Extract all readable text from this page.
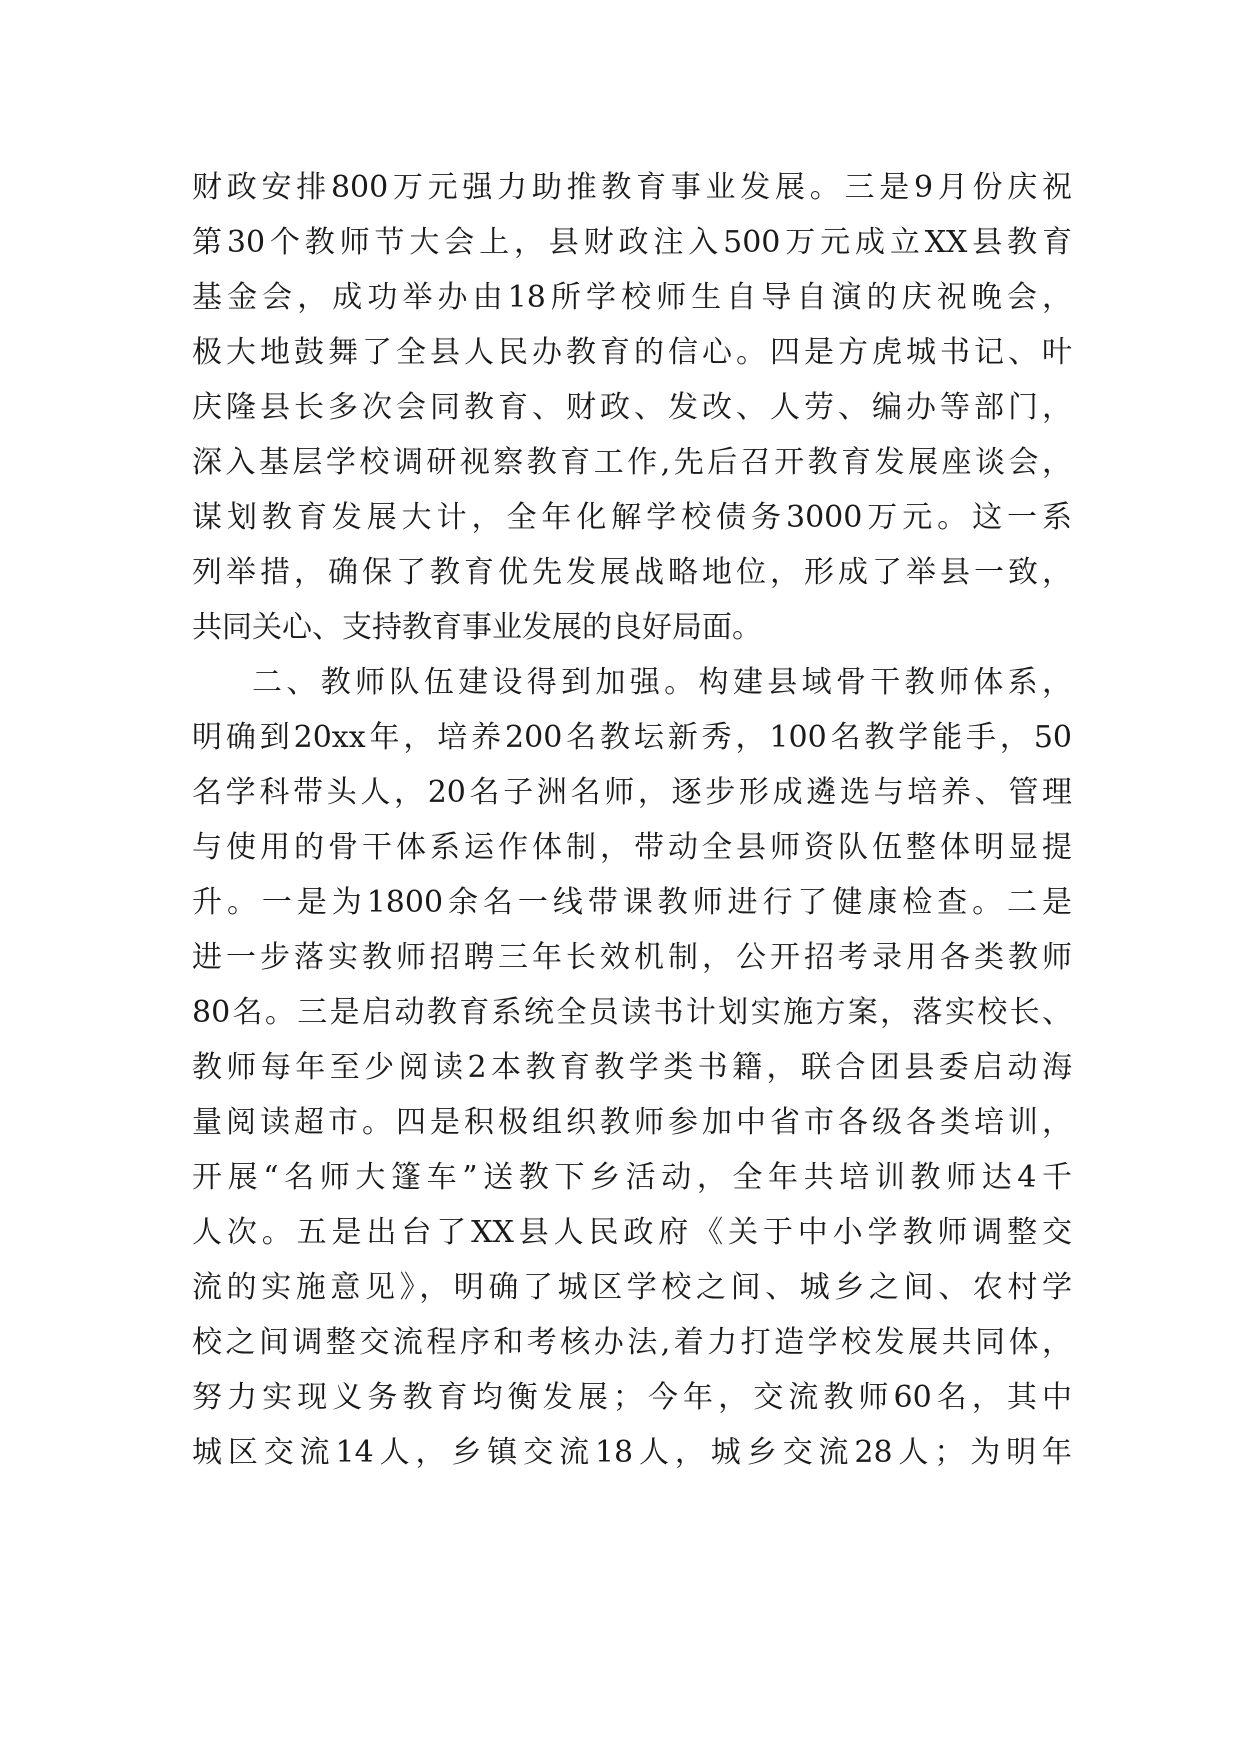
财政安排800万元强力助推教育事业发展。三是9月份庆祝
第30个教师节大会上，县财政注入500万元成立XX县教育
基金会，成功举办由18所学校师生自导自演的庆祝晚会，
极大地鼓舞了全县人民办教育的信心。四是方虎城书记、叶
庆隆县长多次会同教育、财政、发改、人劳、编办等部门，
深入基层学校调研视察教育工作,先后召开教育发展座谈会，
谋划教育发展大计，全年化解学校债务3000万元。这一系
列举措，确保了教育优先发展战略地位，形成了举县一致，
共同关心、支持教育事业发展的良好局面。
二、教师队伍建设得到加强。构建县域骨干教师体系，
明确到20xx年，培养200名教坛新秀，100名教学能手，50
名学科带头人，20名子洲名师，逐步形成遴选与培养、管理
与使用的骨干体系运作体制，带动全县师资队伍整体明显提
升。一是为1800余名一线带课教师进行了健康检查。二是
进一步落实教师招聘三年长效机制，公开招考录用各类教师
80名。三是启动教育系统全员读书计划实施方案，落实校长、
教师每年至少阅读2本教育教学类书籍，联合团县委启动海
量阅读超市。四是积极组织教师参加中省市各级各类培训，
开展“名师大篷车”送教下乡活动，全年共培训教师达4千
人次。五是出台了XX县人民政府《关于中小学教师调整交
流的实施意见》，明确了城区学校之间、城乡之间、农村学
校之间调整交流程序和考核办法,着力打造学校发展共同体，
努力实现义务教育均衡发展；今年，交流教师60名，其中
城区交流14人，乡镇交流18人，城乡交流28人；为明年
